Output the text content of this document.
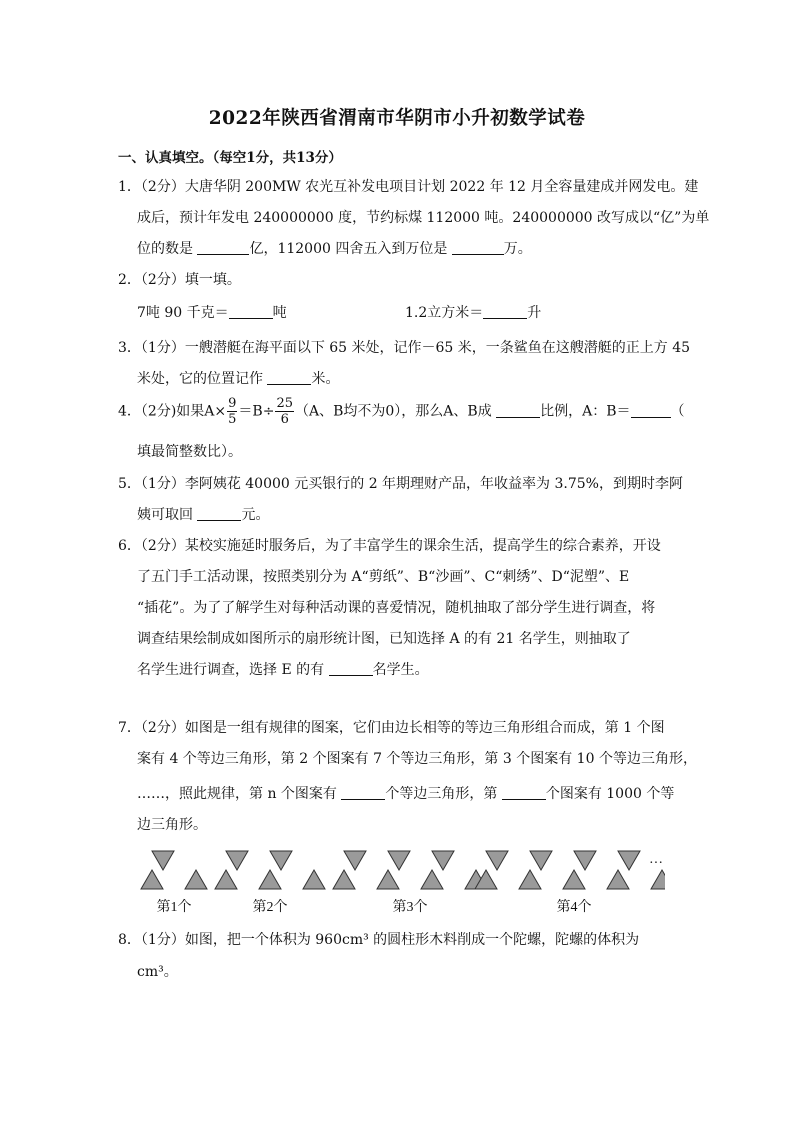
2022年陕西省渭南市华阴市小升初数学试卷
一、认真填空。（每空1分，共13分）
1．（2分）大唐华阴 200MW 农光互补发电项目计划 2022 年 12 月全容量建成并网发电。建
成后，预计年发电 240000000 度，节约标煤 112000 吨。240000000 改写成以“亿”为单
位的数是	亿，112000 四舍五入到万位是	万。
2．（2分）填一填。
7吨 90 千克＝	吨	1.2立方米＝	升
3．（1分）一艘潜艇在海平面以下 65 米处，记作－65 米，一条鲨鱼在这艘潜艇的正上方 45
米处，它的位置记作	米。
4．（2分)如果$A\times \frac{9}{5} =B\div \frac{25}{6} (A$、B均不为0），那么A、B成	比例，A：B＝	（
填最简整数比）。
5．（1分）李阿姨花 40000 元买银行的 2 年期理财产品，年收益率为 3.75%，到期时李阿
姨可取回	元。
6．（2分）某校实施延时服务后，为了丰富学生的课余生活，提高学生的综合素养，开设
了五门手工活动课，按照类别分为 A“剪纸”、B“沙画”、C“刺绣”、D“泥塑”、E
“插花”。为了了解学生对每种活动课的喜爱情况，随机抽取了部分学生进行调查，将
调查结果绘制成如图所示的扇形统计图，已知选择 A 的有 21 名学生，则抽取了
名学生进行调查，选择 E 的有	名学生。
7．（2分）如图是一组有规律的图案，它们由边长相等的等边三角形组合而成，第 1 个图
案有 4 个等边三角形，第 2 个图案有 7 个等边三角形，第 3 个图案有 10 个等边三角形，
……，照此规律，第 n 个图案有	个等边三角形，第	个图案有 1000 个等
边三角形。
第1个	第2个	第3个	第4个
···
8．（1分）如图，把一个体积为 960cm³ 的圆柱形木料削成一个陀螺，陀螺的体积为
cm³。
